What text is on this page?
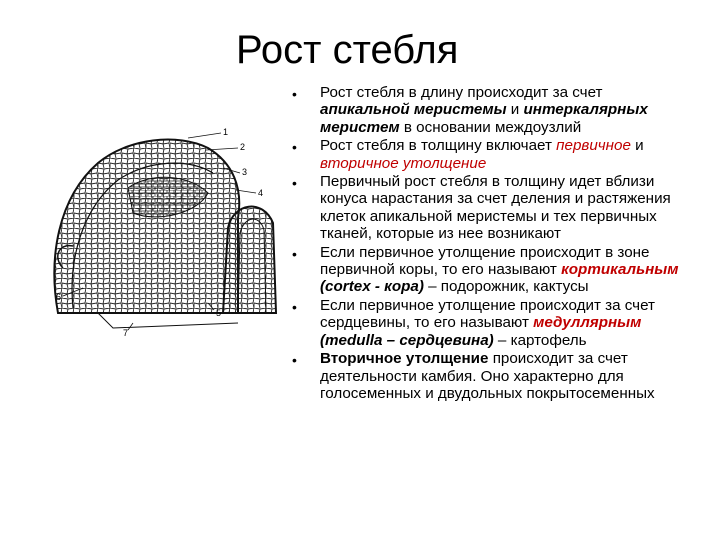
Рост стебля
1
2
3
4
5
6
7
• Рост стебля в длину происходит за счет апикальной меристемы и интеркалярных меристем в основании междоузлий
• Рост стебля в толщину включает первичное и вторичное утолщение
• Первичный рост стебля в толщину идет вблизи конуса нарастания за счет деления и растяжения клеток апикальной меристемы и тех первичных тканей, которые из нее возникают
• Если первичное утолщение происходит в зоне первичной коры, то его называют кортикальным (cortex - кора) – подорожник, кактусы
• Если первичное утолщение происходит за счет сердцевины, то его называют медуллярным (medulla – сердцевина) – картофель
• Вторичное утолщение происходит за счет деятельности камбия. Оно характерно для голосеменных и двудольных покрытосеменных
